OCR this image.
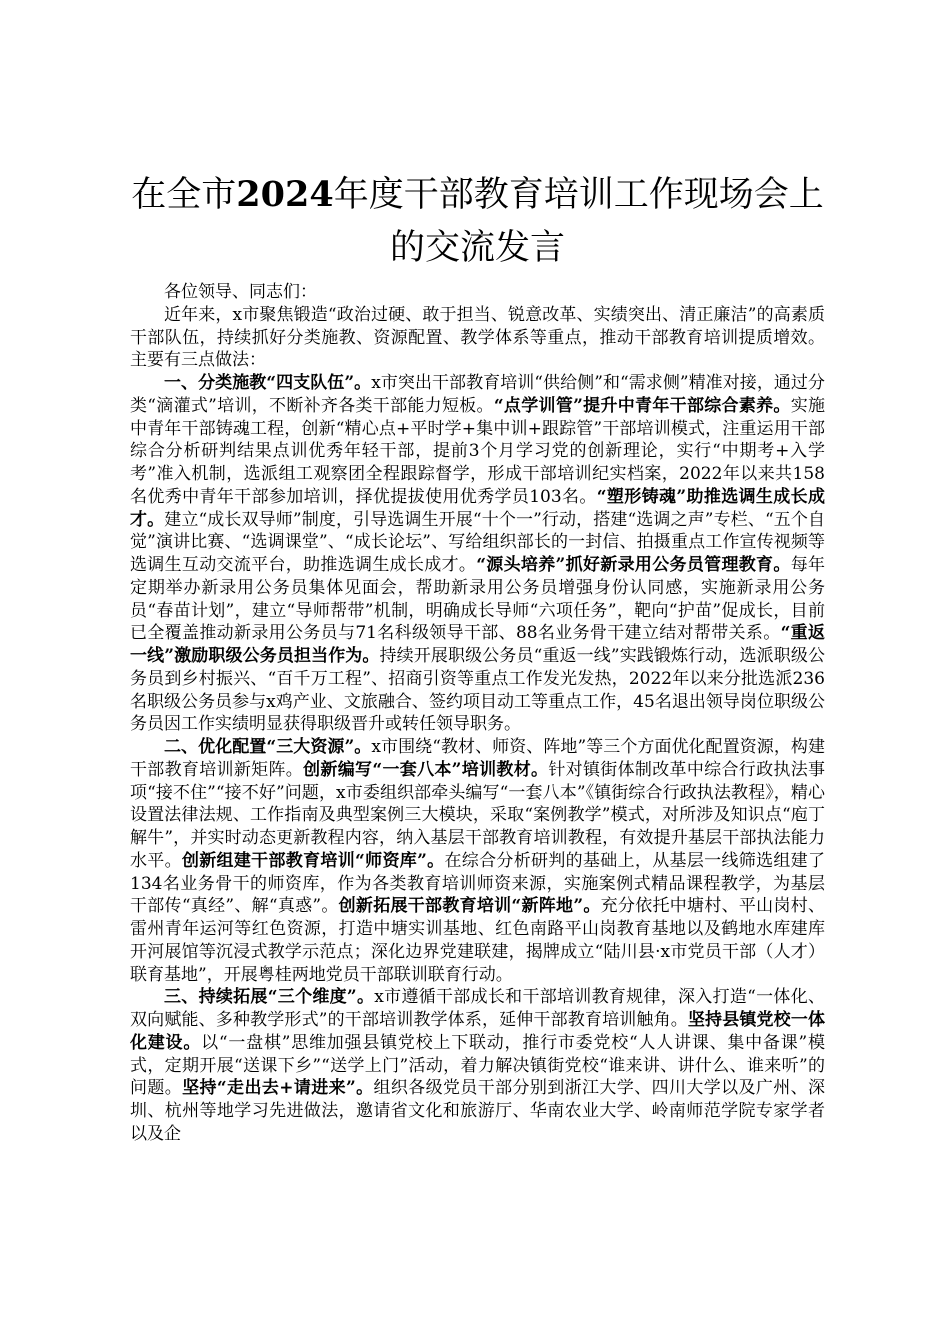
在全市2024年度干部教育培训工作现场会上的交流发言

各位领导、同志们：

近年来，x市聚焦锻造“政治过硬、敢于担当、锐意改革、实绩突出、清正廉洁”的高素质干部队伍，持续抓好分类施教、资源配置、教学体系等重点，推动干部教育培训提质增效。主要有三点做法：

一、分类施教“四支队伍”。x市突出干部教育培训“供给侧”和“需求侧”精准对接，通过分类“滴灌式”培训，不断补齐各类干部能力短板。“点学训管”提升中青年干部综合素养。实施中青年干部铸魂工程，创新“精心点+平时学+集中训+跟踪管”干部培训模式，注重运用干部综合分析研判结果点训优秀年轻干部，提前3个月学习党的创新理论，实行“中期考+入学考”准入机制，选派组工观察团全程跟踪督学，形成干部培训纪实档案，2022年以来共158名优秀中青年干部参加培训，择优提拔使用优秀学员103名。“塑形铸魂”助推选调生成长成才。建立“成长双导师”制度，引导选调生开展“十个一”行动，搭建“选调之声”专栏、“五个自觉”演讲比赛、“选调课堂”、“成长论坛”、写给组织部长的一封信、拍摄重点工作宣传视频等选调生互动交流平台，助推选调生成长成才。“源头培养”抓好新录用公务员管理教育。每年定期举办新录用公务员集体见面会，帮助新录用公务员增强身份认同感，实施新录用公务员“春苗计划”，建立“导师帮带”机制，明确成长导师“六项任务”，靶向“护苗”促成长，目前已全覆盖推动新录用公务员与71名科级领导干部、88名业务骨干建立结对帮带关系。“重返一线”激励职级公务员担当作为。持续开展职级公务员“重返一线”实践锻炼行动，选派职级公务员到乡村振兴、“百千万工程”、招商引资等重点工作发光发热，2022年以来分批选派236名职级公务员参与x鸡产业、文旅融合、签约项目动工等重点工作，45名退出领导岗位职级公务员因工作实绩明显获得职级晋升或转任领导职务。

二、优化配置“三大资源”。x市围绕“教材、师资、阵地”等三个方面优化配置资源，构建干部教育培训新矩阵。创新编写“一套八本”培训教材。针对镇街体制改革中综合行政执法事项“接不住”“接不好”问题，x市委组织部牵头编写“一套八本”《镇街综合行政执法教程》，精心设置法律法规、工作指南及典型案例三大模块，采取“案例教学”模式，对所涉及知识点“庖丁解牛”，并实时动态更新教程内容，纳入基层干部教育培训教程，有效提升基层干部执法能力水平。创新组建干部教育培训“师资库”。在综合分析研判的基础上，从基层一线筛选组建了134名业务骨干的师资库，作为各类教育培训师资来源，实施案例式精品课程教学，为基层干部传“真经”、解“真惑”。创新拓展干部教育培训“新阵地”。充分依托中塘村、平山岗村、雷州青年运河等红色资源，打造中塘实训基地、红色南路平山岗教育基地以及鹤地水库建库开河展馆等沉浸式教学示范点；深化边界党建联建，揭牌成立“陆川县·x市党员干部（人才）联育基地”，开展粤桂两地党员干部联训联育行动。

三、持续拓展“三个维度”。x市遵循干部成长和干部培训教育规律，深入打造“一体化、双向赋能、多种教学形式”的干部培训教学体系，延伸干部教育培训触角。坚持县镇党校一体化建设。以“一盘棋”思维加强县镇党校上下联动，推行市委党校“人人讲课、集中备课”模式，定期开展“送课下乡”“送学上门”活动，着力解决镇街党校“谁来讲、讲什么、谁来听”的问题。坚持“走出去+请进来”。组织各级党员干部分别到浙江大学、四川大学以及广州、深圳、杭州等地学习先进做法，邀请省文化和旅游厅、华南农业大学、岭南师范学院专家学者以及企
